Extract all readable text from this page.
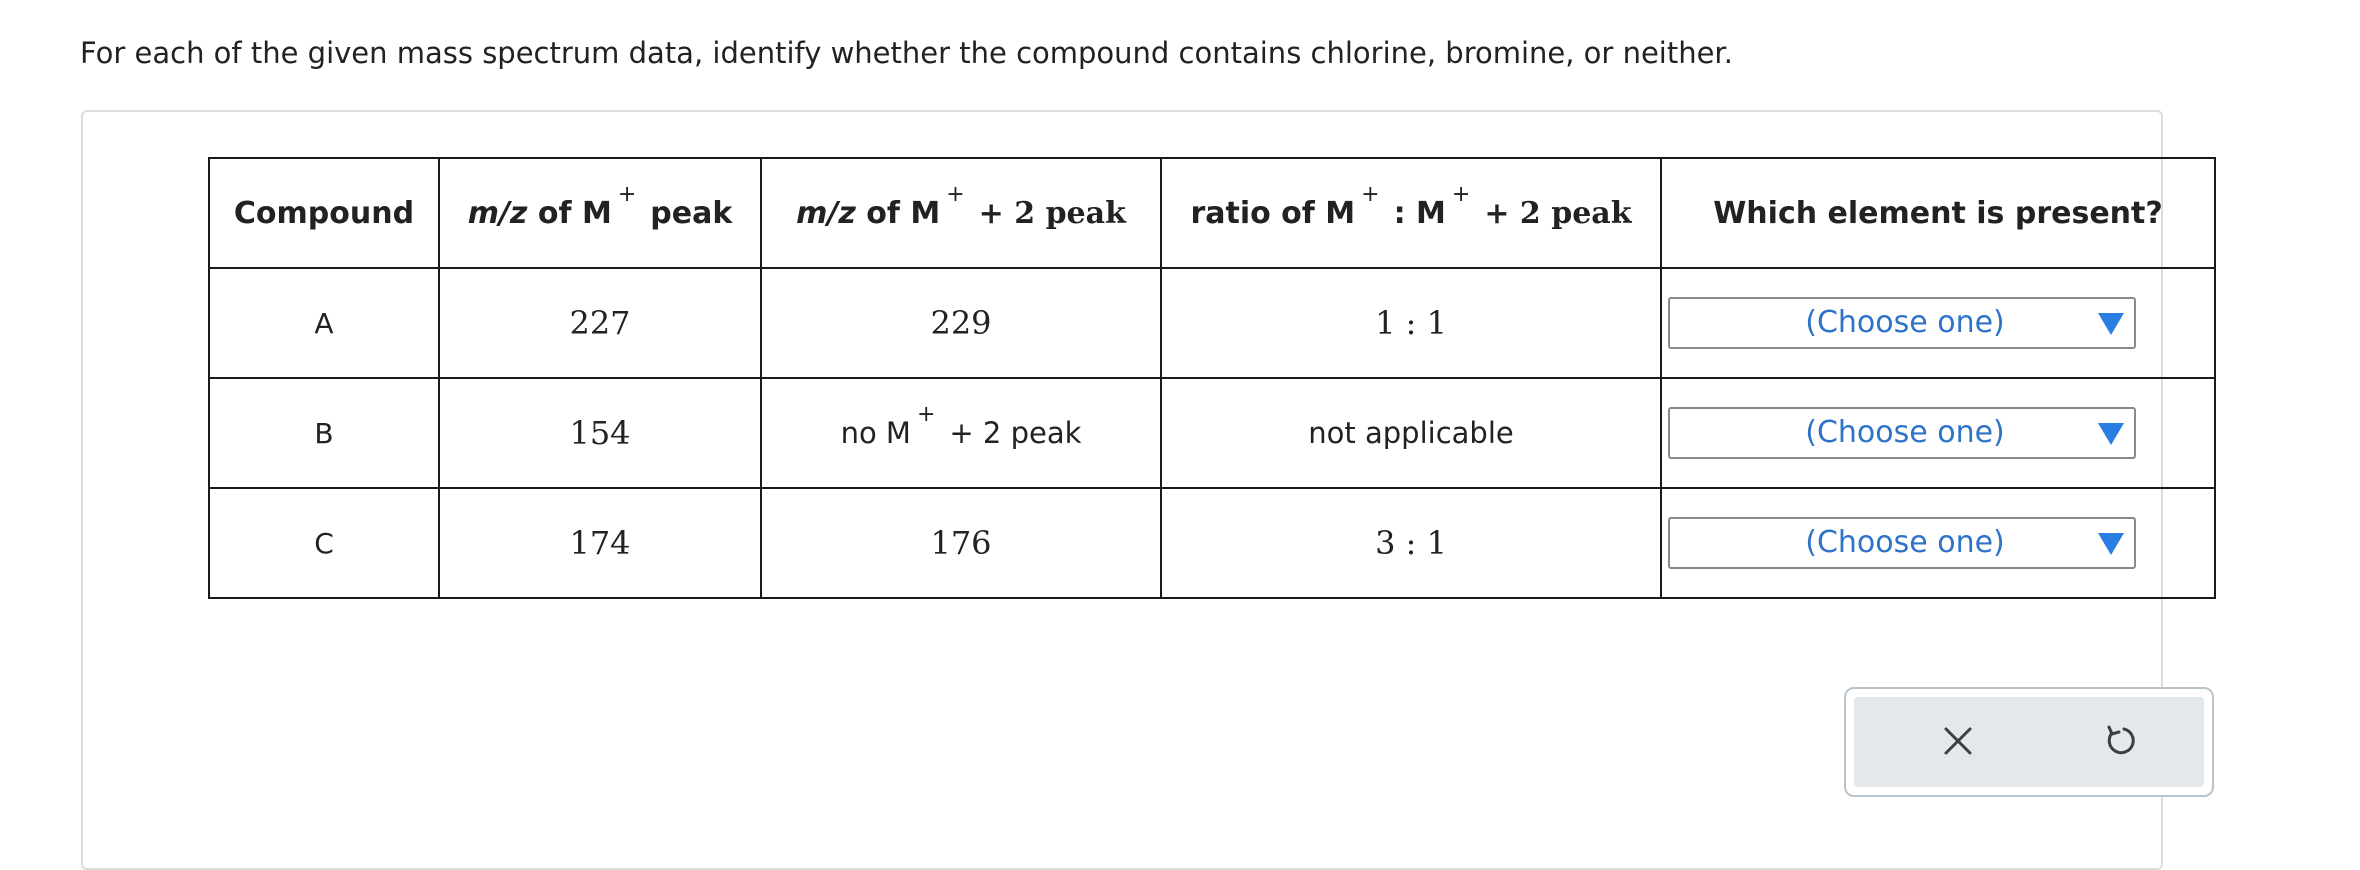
For each of the given mass spectrum data, identify whether the compound contains chlorine, bromine, or neither.
Compound	m/z of M+peak	m/z of M++ 2 peak	ratio of M+: M++ 2 peak	Which element is present?
A	227	229	1 : 1	(Choose one)

B	154	no M++ 2 peak	not applicable	(Choose one)

C	174	176	3 : 1	(Choose one)
